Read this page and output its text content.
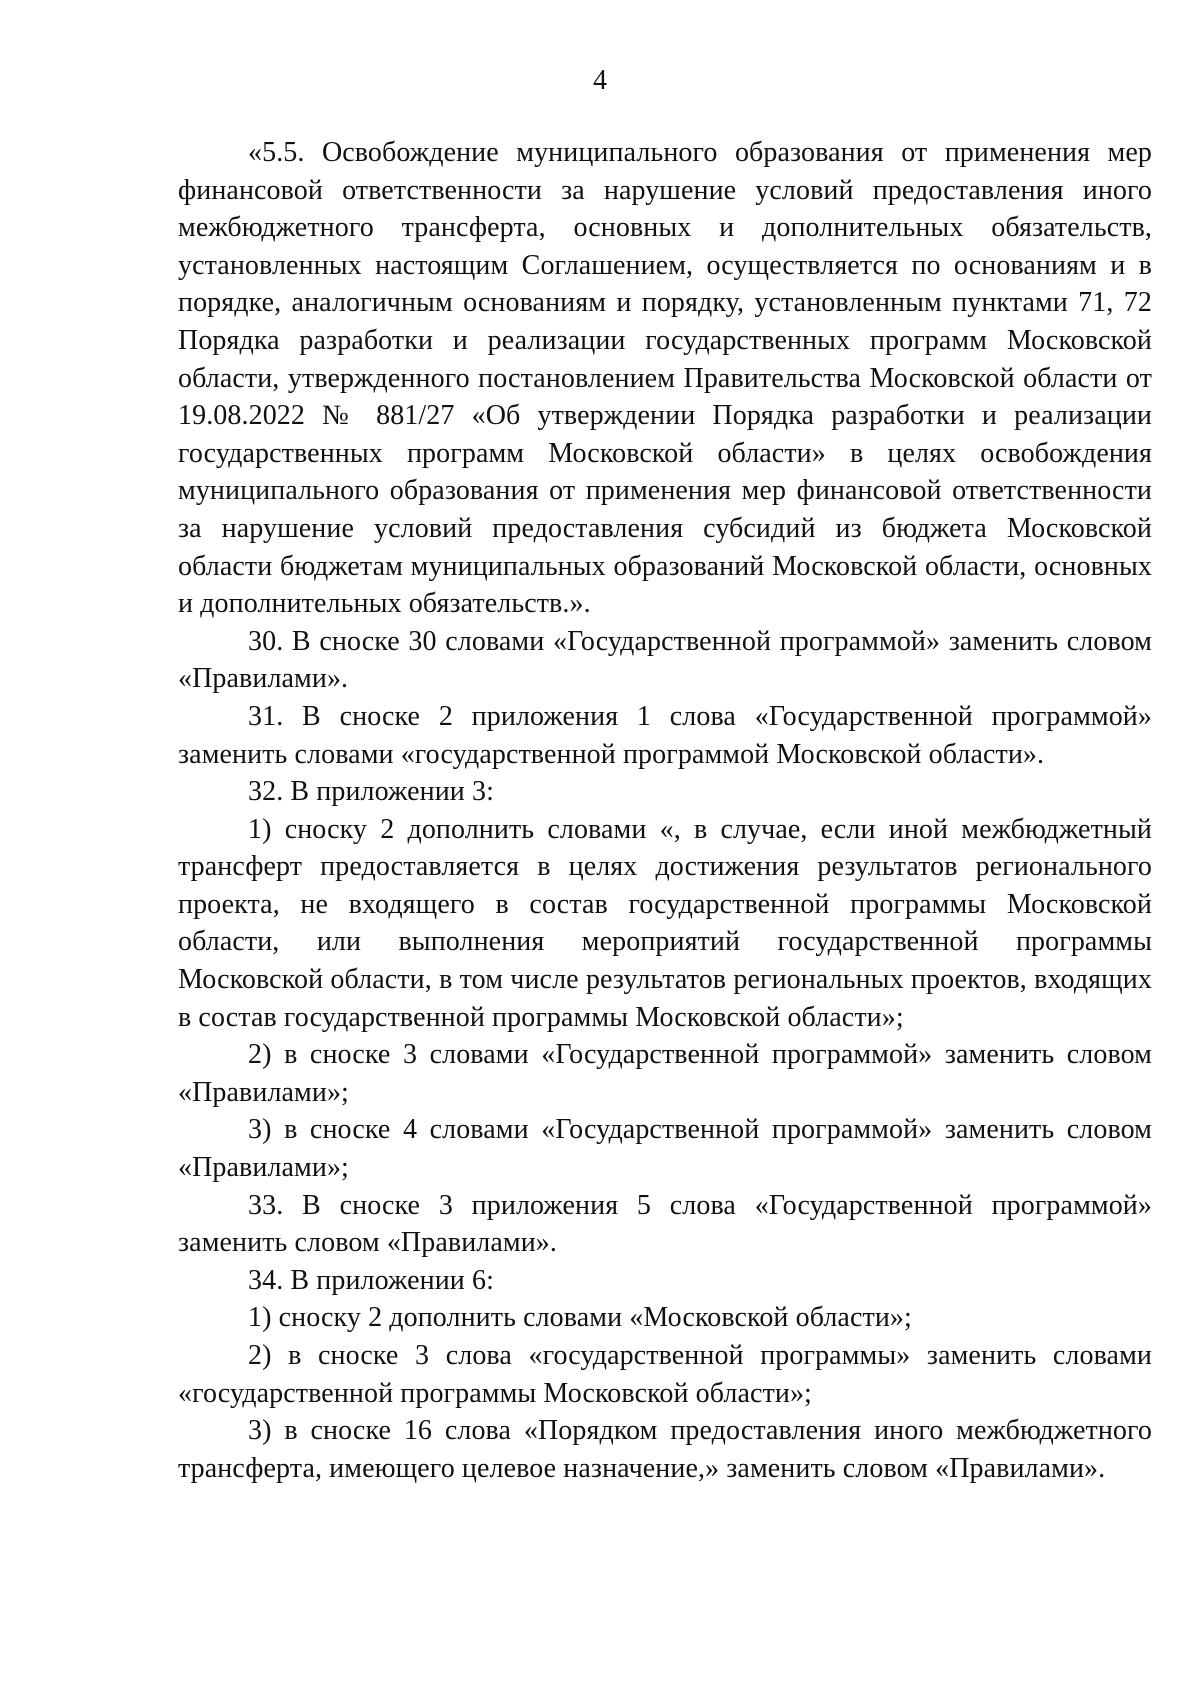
4

«5.5. Освобождение муниципального образования от применения мер финансовой ответственности за нарушение условий предоставления иного межбюджетного трансферта, основных и дополнительных обязательств, установленных настоящим Соглашением, осуществляется по основаниям и в порядке, аналогичным основаниям и порядку, установленным пунктами 71, 72 Порядка разработки и реализации государственных программ Московской области, утвержденного постановлением Правительства Московской области от 19.08.2022 № 881/27 «Об утверждении Порядка разработки и реализации государственных программ Московской области» в целях освобождения муниципального образования от применения мер финансовой ответственности за нарушение условий предоставления субсидий из бюджета Московской области бюджетам муниципальных образований Московской области, основных и дополнительных обязательств.».

30. В сноске 30 словами «Государственной программой» заменить словом «Правилами».

31. В сноске 2 приложения 1 слова «Государственной программой» заменить словами «государственной программой Московской области».

32. В приложении 3:

1) сноску 2 дополнить словами «, в случае, если иной межбюджетный трансферт предоставляется в целях достижения результатов регионального проекта, не входящего в состав государственной программы Московской области, или выполнения мероприятий государственной программы Московской области, в том числе результатов региональных проектов, входящих в состав государственной программы Московской области»;

2) в сноске 3 словами «Государственной программой» заменить словом «Правилами»;

3) в сноске 4 словами «Государственной программой» заменить словом «Правилами»;

33. В сноске 3 приложения 5 слова «Государственной программой» заменить словом «Правилами».

34. В приложении 6:

1) сноску 2 дополнить словами «Московской области»;

2) в сноске 3 слова «государственной программы» заменить словами «государственной программы Московской области»;

3) в сноске 16 слова «Порядком предоставления иного межбюджетного трансферта, имеющего целевое назначение,» заменить словом «Правилами».
